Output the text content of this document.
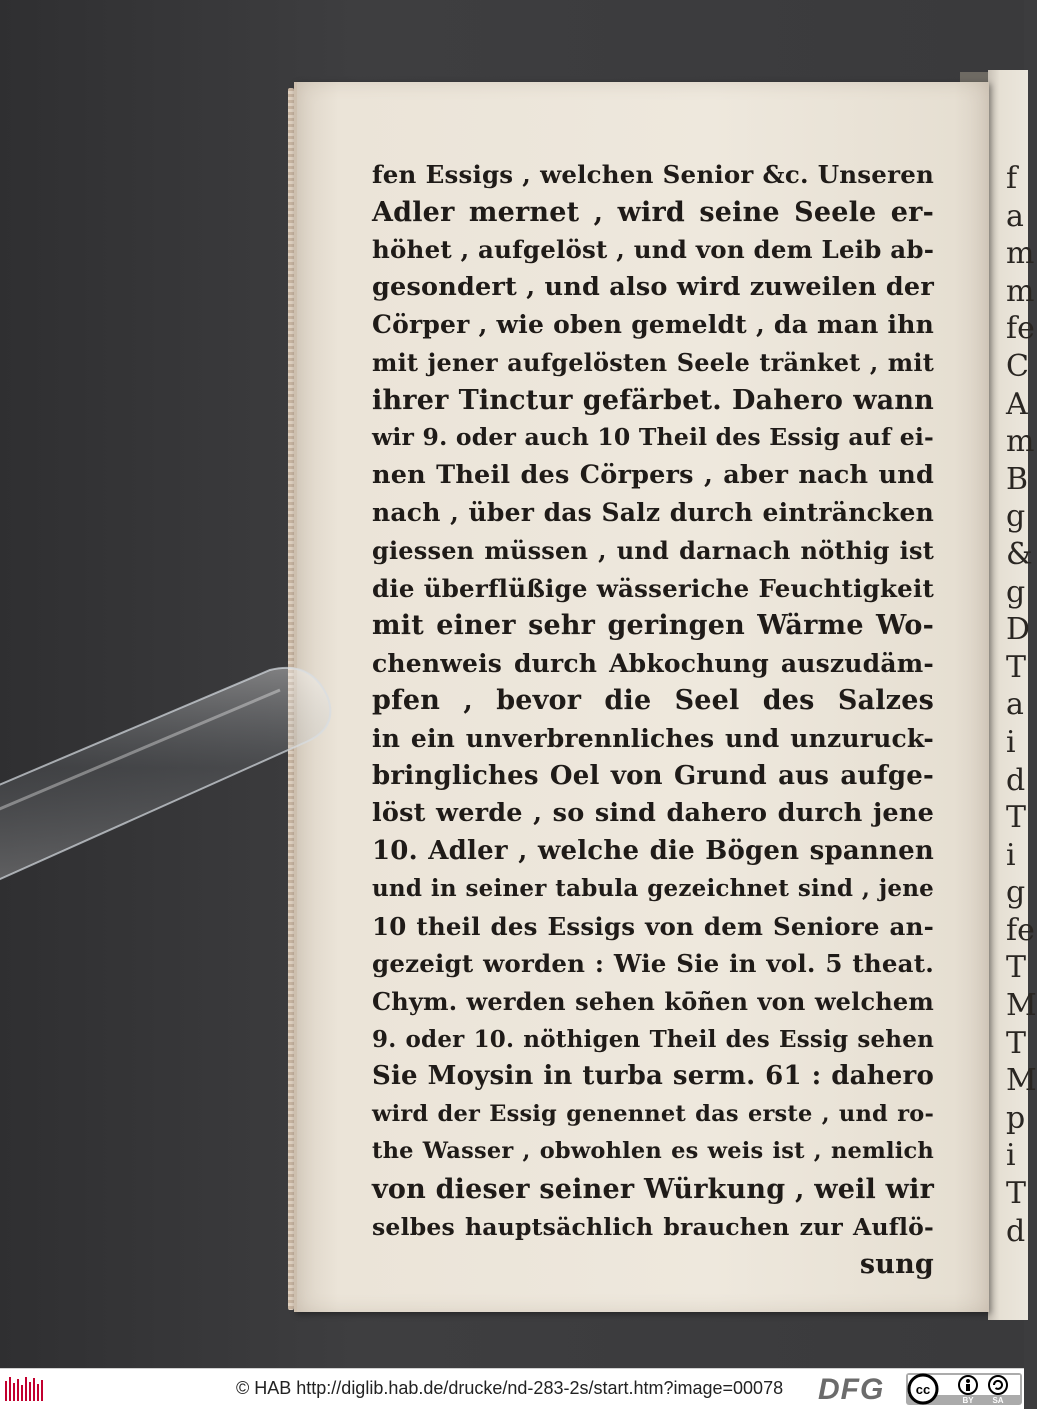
f
a
m
m
fe
C
A
m
B
g
&
g
D
T
a
i
d
T
i
g
fe
T
M
T
M
p
i
T
d
fen Essigs , welchen Senior &c. Unseren
Adler mernet , wird seine Seele er-
höhet , aufgelöst , und von dem Leib ab-
gesondert , und also wird zuweilen der
Cörper , wie oben gemeldt , da man ihn
mit jener aufgelösten Seele tränket , mit
ihrer Tinctur gefärbet. Dahero wann
wir 9. oder auch 10 Theil des Essig auf ei-
nen Theil des Cörpers , aber nach und
nach , über das Salz durch einträncken
giessen müssen , und darnach nöthig ist
die überflüßige wässeriche Feuchtigkeit
mit einer sehr geringen Wärme Wo-
chenweis durch Abkochung auszudäm-
pfen , bevor die Seel des Salzes
in ein unverbrennliches und unzuruck-
bringliches Oel von Grund aus aufge-
löst werde , so sind dahero durch jene
10. Adler , welche die Bögen spannen
und in seiner tabula gezeichnet sind , jene
10 theil des Essigs von dem Seniore an-
gezeigt worden : Wie Sie in vol. 5 theat.
Chym. werden sehen kōñen von welchem
9. oder 10. nöthigen Theil des Essig sehen
Sie Moysin in turba serm. 61 : dahero
wird der Essig genennet das erste , und ro-
the Wasser , obwohlen es weis ist , nemlich
von dieser seiner Würkung , weil wir
selbes hauptsächlich brauchen zur Auflö-
sung
© HAB http://diglib.hab.de/drucke/nd-283-2s/start.htm?image=00078 DFG cc
BY SA
